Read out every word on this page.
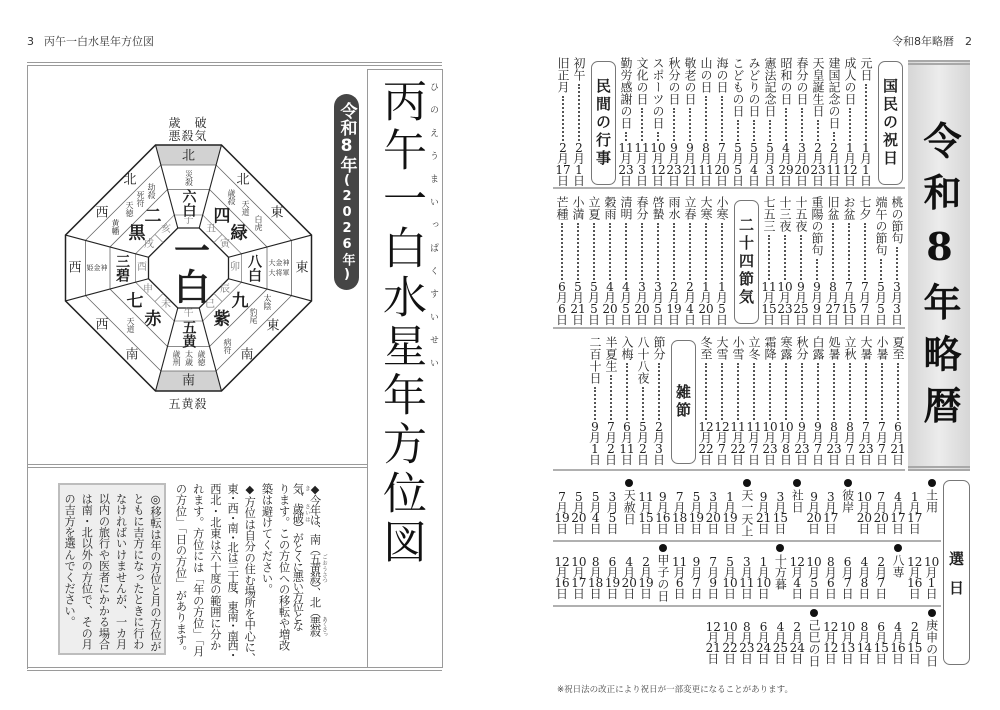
3 丙午一白水星年方位図
丙午一白水星年方位図 ひのえうまいっぱくすいせい
令和8年(2026年)
歳　破
悪殺気
五黄殺
一白
北
災殺
六白
子
午
五黄
歳刑 太歳 歳徳
南
卯 八白 大金神
大将軍 東
酉
三碧
姫金神
西
北
東
歳殺
天道
白虎
四
緑
丑
寅
辰
巳 九
紫
太陰
豹尾
病符
東
南
申
未
七
赤
天道
西
南
北
西
劫殺
死符
天徳
黄幡
二
黒 亥
戌
◆今年は、南（五黄殺 ごおうさつ）、北（悪殺 あくさっ
気 き、歳破 さいは）がとくに悪い方位とな
ります。この方位への移転や増改
築は避けてください。
◆方位は自分の住む場所を中心に、
東・西・南・北は三十度、東南・南西・
西北・北東は六十度の範囲に分か
れます。方位には「年の方位」「月
の方位」「日の方位」があります。
◎移転は年の方位と月の方位が
ともに吉方になったときに行わ
なければいけませんが、一カ月
以内の旅行や医者にかかる場合
は南・北以外の方位で、その月
の吉方を選んでください。
令和8年略暦 2
令和8年略暦
国民の祝日
元日
1
月
1
日
成人の日
1
月
12
日
建国記念の日
2
月
11
日
天皇誕生日
2
月
23
日
春分の日
3
月
20
日
昭和の日
4
月
29
日
憲法記念日
5
月
3
日
みどりの日
5
月
4
日
こどもの日
5
月
5
日
海の日
7
月
20
日
山の日
8
月
11
日
敬老の日
9
月
21
日
秋分の日
9
月
23
日
スポーツの日
10
月
12
日
文化の日
11
月
3
日
勤労感謝の日
11
月
23
日
民間の行事
初午
2
月
1
日
旧正月
2
月
17
日
桃の節句
3
月
3
日
端午の節句
5
月
5
日
七夕
7
月
7
日
お盆
7
月
15
日
旧盆
8
月
27
日
重陽の節句
9
月
9
日
十五夜
9
月
25
日
十三夜
10
月
23
日
七五三
11
月
15
日
二十四節気
小寒
1
月
5
日
大寒
1
月
20
日
立春
2
月
4
日
雨水
2
月
19
日
啓蟄
3
月
5
日
春分
3
月
20
日
清明
4
月
5
日
穀雨
4
月
20
日
立夏
5
月
5
日
小満
5
月
21
日
芒種
6
月
6
日
夏至
6
月
21
日
小暑
7
月
7
日
大暑
7
月
23
日
立秋
8
月
7
日
処暑
8
月
23
日
白露
9
月
7
日
秋分
9
月
23
日
寒露
10
月
8
日
霜降
10
月
23
日
立冬
11
月
7
日
小雪
11
月
22
日
大雪
12
月
7
日
冬至
12
月
22
日
雑節
節分
2
月
3
日
八十八夜
5
月
2
日
入梅
6
月
11
日
半夏生
7
月
2
日
二百十日
9
月
1
日
選日
土用
1
月
17
日
4
月
17
日
7
月
20
日
10
月
20
日
彼岸
3
月
17
日
9
月
20
日
社日
3
月
15
日
9
月
21
日
天一天上
1
月
19
日
3
月
20
日
5
月
19
日
7
月
18
日
9
月
16
日
11
月
15
日
天赦日
3
月
5
日
5
月
4
日
5
月
20
日
7
月
19
日
10
月
1
日
12
月
16
日
八専
2
月
7
日
4
月
8
日
6
月
7
日
8
月
6
日
10
月
5
日
12
月
4
日
十方暮
1
月
10
日
3
月
11
日
5
月
10
日
7
月
9
日
9
月
7
日
11
月
6
日
甲子の日
2
月
19
日
4
月
20
日
6
月
19
日
8
月
18
日
10
月
17
日
12
月
16
日
庚申の日
2
月
15
日
4
月
16
日
6
月
15
日
8
月
14
日
10
月
13
日
12
月
12
日
己巳の日
2
月
24
日
4
月
25
日
6
月
24
日
8
月
23
日
10
月
22
日
12
月
21
日
※祝日法の改正により祝日が一部変更になることがあります。
